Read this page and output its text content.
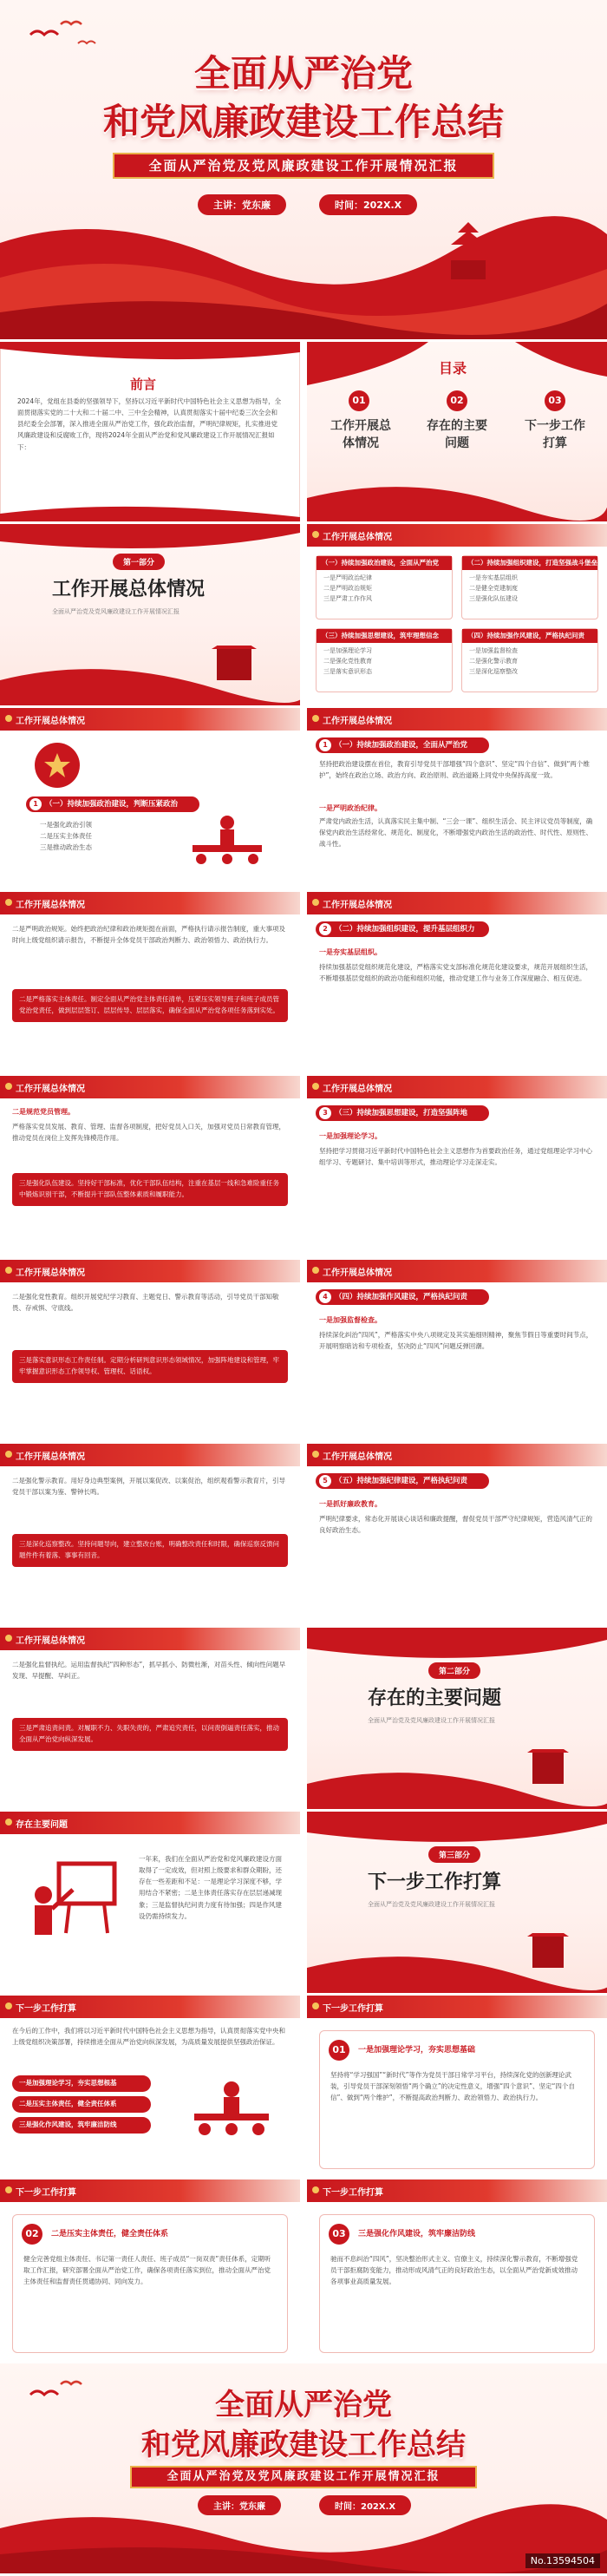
全面从严治党
和党风廉政建设工作总结
全面从严治党及党风廉政建设工作开展情况汇报
主讲：党东廉	时间：202X.X
前言
2024年，党组在县委的坚强领导下，坚持以习近平新时代中国特色社会主义思想为指导，全面贯彻落实党的二十大和二十届二中、三中全会精神，认真贯彻落实十届中纪委三次全会和县纪委全会部署，深入推进全面从严治党工作，强化政治监督，严明纪律规矩，扎实推进党风廉政建设和反腐败工作，现将2024年全面从严治党和党风廉政建设工作开展情况汇报如下：
目录
01
工作开展总体情况
02
存在的主要问题
03
下一步工作打算
第一部分
工作开展总体情况
全面从严治党及党风廉政建设工作开展情况汇报
工作开展总体情况
（一）持续加强政治建设，全面从严治党
一是严明政治纪律
二是严明政治规矩
三是严肃工作作风
（二）持续加强组织建设，打造坚强战斗堡垒
一是夯实基层组织
二是健全党建制度
三是强化队伍建设
（三）持续加强思想建设，筑牢理想信念
一是加强理论学习
二是强化党性教育
三是落实意识形态
（四）持续加强作风建设，严格执纪问责
一是加强监督检查
二是强化警示教育
三是深化巡察整改
工作开展总体情况
1 （一）持续加强政治建设，判断压紧政治
一是强化政治引领
二是压实主体责任
三是推动政治生态
工作开展总体情况
1 （一）持续加强政治建设，全面从严治党
坚持把政治建设摆在首位，教育引导党员干部增强“四个意识”、坚定“四个自信”、做到“两个维护”，始终在政治立场、政治方向、政治原则、政治道路上同党中央保持高度一致。
一是严明政治纪律。
严肃党内政治生活，认真落实民主集中制、“三会一课”、组织生活会、民主评议党员等制度，确保党内政治生活经常化、规范化、制度化，不断增强党内政治生活的政治性、时代性、原则性、战斗性。
工作开展总体情况
二是严明政治规矩。始终把政治纪律和政治规矩挺在前面，严格执行请示报告制度，重大事项及时向上级党组织请示报告，不断提升全体党员干部政治判断力、政治领悟力、政治执行力。
二是严格落实主体责任。制定全面从严治党主体责任清单，压紧压实领导班子和班子成员管党治党责任，做到层层签订、层层传导、层层落实，确保全面从严治党各项任务落到实处。
工作开展总体情况
2 （二）持续加强组织建设，提升基层组织力
一是夯实基层组织。
持续加强基层党组织规范化建设，严格落实党支部标准化规范化建设要求，规范开展组织生活，不断增强基层党组织的政治功能和组织功能，推动党建工作与业务工作深度融合、相互促进。
工作开展总体情况
二是规范党员管理。
严格落实党员发展、教育、管理、监督各项制度，把好党员入口关，加强对党员日常教育管理，推动党员在岗位上发挥先锋模范作用。
三是强化队伍建设。坚持好干部标准，优化干部队伍结构，注重在基层一线和急难险重任务中锻炼识别干部，不断提升干部队伍整体素质和履职能力。
工作开展总体情况
3 （三）持续加强思想建设，打造坚强阵地
一是加强理论学习。
坚持把学习贯彻习近平新时代中国特色社会主义思想作为首要政治任务，通过党组理论学习中心组学习、专题研讨、集中培训等形式，推动理论学习走深走实。
工作开展总体情况
二是强化党性教育。组织开展党纪学习教育、主题党日、警示教育等活动，引导党员干部知敬畏、存戒惧、守底线。
三是落实意识形态工作责任制。定期分析研判意识形态领域情况，加强阵地建设和管理，牢牢掌握意识形态工作领导权、管理权、话语权。
工作开展总体情况
4 （四）持续加强作风建设，严格执纪问责
一是加强监督检查。
持续深化纠治“四风”，严格落实中央八项规定及其实施细则精神，聚焦节假日等重要时间节点，开展明察暗访和专项检查，坚决防止“四风”问题反弹回潮。
工作开展总体情况
二是强化警示教育。用好身边典型案例，开展以案促改、以案促治，组织观看警示教育片，引导党员干部以案为鉴、警钟长鸣。
三是深化巡察整改。坚持问题导向，建立整改台账，明确整改责任和时限，确保巡察反馈问题件件有着落、事事有回音。
工作开展总体情况
5 （五）持续加强纪律建设，严格执纪问责
一是抓好廉政教育。
严明纪律要求，常态化开展谈心谈话和廉政提醒，督促党员干部严守纪律规矩，营造风清气正的良好政治生态。
工作开展总体情况
二是强化监督执纪。运用监督执纪“四种形态”，抓早抓小、防微杜渐，对苗头性、倾向性问题早发现、早提醒、早纠正。
三是严肃追责问责。对履职不力、失职失责的，严肃追究责任，以问责倒逼责任落实，推动全面从严治党向纵深发展。
第二部分
存在的主要问题
全面从严治党及党风廉政建设工作开展情况汇报
存在主要问题
一年来，我们在全面从严治党和党风廉政建设方面取得了一定成效，但对照上级要求和群众期盼，还存在一些差距和不足：一是理论学习深度不够，学用结合不紧密；二是主体责任落实存在层层递减现象；三是监督执纪问责力度有待加强；四是作风建设仍需持续发力。
第三部分
下一步工作打算
全面从严治党及党风廉政建设工作开展情况汇报
下一步工作打算
在今后的工作中，我们将以习近平新时代中国特色社会主义思想为指导，认真贯彻落实党中央和上级党组织决策部署，持续推进全面从严治党向纵深发展，为高质量发展提供坚强政治保证。
一是加强理论学习，夯实思想根基
二是压实主体责任，健全责任体系
三是强化作风建设，筑牢廉洁防线
下一步工作打算
01	一是加强理论学习，夯实思想基础
坚持将“学习强国”“新时代”等作为党员干部日常学习平台，持续深化党的创新理论武装，引导党员干部深刻领悟“两个确立”的决定性意义，增强“四个意识”、坚定“四个自信”、做到“两个维护”，不断提高政治判断力、政治领悟力、政治执行力。
下一步工作打算
02	二是压实主体责任，健全责任体系
健全完善党组主体责任、书记第一责任人责任、班子成员“一岗双责”责任体系，定期听取工作汇报，研究部署全面从严治党工作，确保各项责任落实到位，推动全面从严治党主体责任和监督责任贯通协同、同向发力。
下一步工作打算
03	三是强化作风建设，筑牢廉洁防线
驰而不息纠治“四风”，坚决整治形式主义、官僚主义，持续深化警示教育，不断增强党员干部拒腐防变能力，推动形成风清气正的良好政治生态，以全面从严治党新成效推动各项事业高质量发展。
全面从严治党
和党风廉政建设工作总结
全面从严治党及党风廉政建设工作开展情况汇报
主讲：党东廉	时间：202X.X
No.13594504
